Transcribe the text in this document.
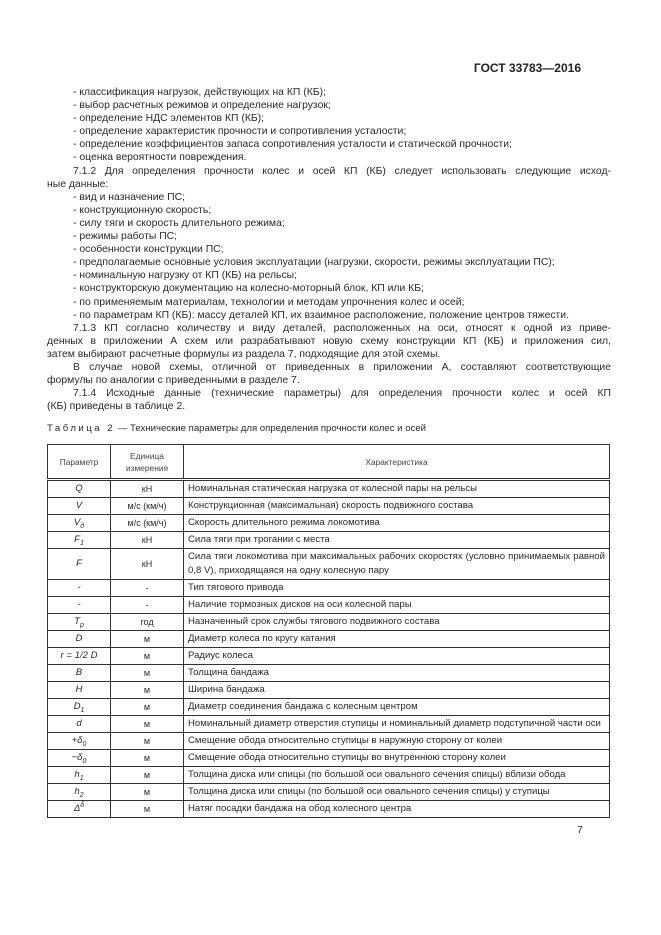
ГОСТ 33783—2016
- классификация нагрузок, действующих на КП (КБ);
- выбор расчетных режимов и определение нагрузок;
- определение НДС элементов КП (КБ);
- определение характеристик прочности и сопротивления усталости;
- определение коэффициентов запаса сопротивления усталости и статической прочности;
- оценка вероятности повреждения.
7.1.2 Для определения прочности колес и осей КП (КБ) следует использовать следующие исход-
ные данные:
- вид и назначение ПС;
- конструкционную скорость;
- силу тяги и скорость длительного режима;
- режимы работы ПС;
- особенности конструкции ПС;
- предполагаемые основные условия эксплуатации (нагрузки, скорости, режимы эксплуатации ПС);
- номинальную нагрузку от КП (КБ) на рельсы;
- конструкторскую документацию на колесно-моторный блок, КП или КБ;
- по применяемым материалам, технологии и методам упрочнения колес и осей;
- по параметрам КП (КБ): массу деталей КП, их взаимное расположение, положение центров тяжести.
7.1.3 КП согласно количеству и виду деталей, расположенных на оси, относят к одной из приве-
денных в приложении А схем или разрабатывают новую схему конструкции КП (КБ) и приложения сил,
затем выбирают расчетные формулы из раздела 7, подходящие для этой схемы.
В случае новой схемы, отличной от приведенных в приложении А, составляют соответствующие
формулы по аналогии с приведенными в разделе 7.
7.1.4 Исходные данные (технические параметры) для определения прочности колес и осей КП
(КБ) приведены в таблице 2.
Таблица 2 — Технические параметры для определения прочности колес и осей
Параметр	Единица измерения	Характеристика
Q	кН	Номинальная статическая нагрузка от колесной пары на рельсы
V	м/с (км/ч)	Конструкционная (максимальная) скорость подвижного состава
$V_д$	м/с (км/ч)	Скорость длительного режима локомотива
$F_1$	кН	Сила тяги при трогании с места
F	кН	Сила тяги локомотива при максимальных рабочих скоростях (условно принимаемых равной 0,8 V), приходящаяся на одну колесную пару
-	-	Тип тягового привода
-	-	Наличие тормозных дисков на оси колесной пары
$T_p$	год	Назначенный срок службы тягового подвижного состава
D	м	Диаметр колеса по кругу катания
r = 1/2 D	м	Радиус колеса
B	м	Толщина бандажа
H	м	Ширина бандажа
$D_1$	м	Диаметр соединения бандажа с колесным центром
d	м	Номинальный диаметр отверстия ступицы и номинальный диаметр подступичной части оси
$+\delta_0$	м	Смещение обода относительно ступицы в наружную сторону от колеи
$-\delta_0$	м	Смещение обода относительно ступицы во внутреннюю сторону колеи
$h_1$	м	Толщина диска или спицы (по большой оси овального сечения спицы) вблизи обода
$h_2$	м	Толщина диска или спицы (по большой оси овального сечения спицы) у ступицы
$\Delta^\delta$	м	Натяг посадки бандажа на обод колесного центра
7
